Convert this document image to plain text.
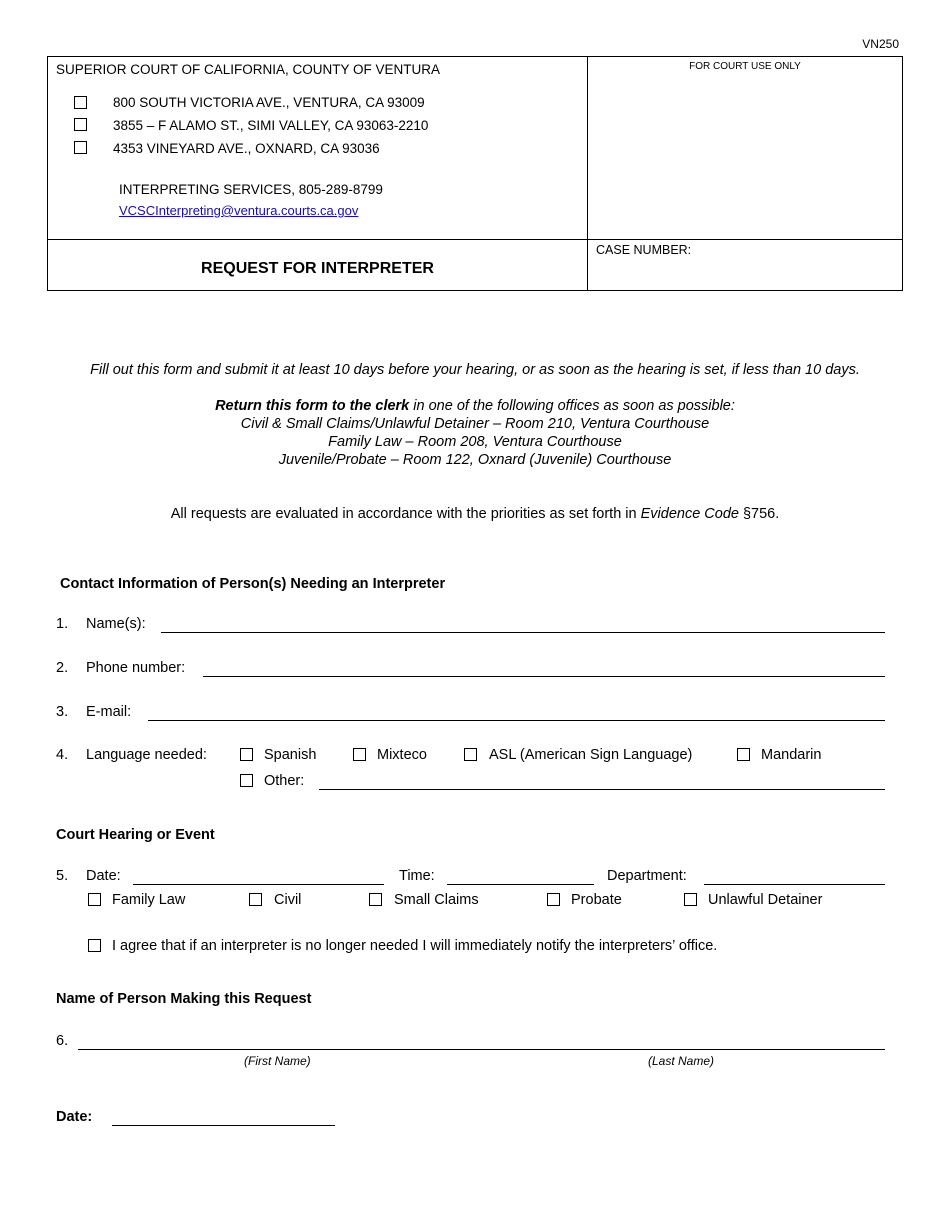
VN250
SUPERIOR COURT OF CALIFORNIA, COUNTY OF VENTURA
800 SOUTH VICTORIA AVE., VENTURA, CA 93009
3855 – F ALAMO ST., SIMI VALLEY, CA 93063-2210
4353 VINEYARD AVE., OXNARD, CA 93036
INTERPRETING SERVICES, 805-289-8799
VCSCInterpreting@ventura.courts.ca.gov
FOR COURT USE ONLY
REQUEST FOR INTERPRETER
CASE NUMBER:
Fill out this form and submit it at least 10 days before your hearing, or as soon as the hearing is set, if less than 10 days.
Return this form to the clerk in one of the following offices as soon as possible:
Civil & Small Claims/Unlawful Detainer – Room 210, Ventura Courthouse
Family Law – Room 208, Ventura Courthouse
Juvenile/Probate – Room 122, Oxnard (Juvenile) Courthouse
All requests are evaluated in accordance with the priorities as set forth in Evidence Code §756.
Contact Information of Person(s) Needing an Interpreter
1. Name(s):
2. Phone number:
3. E-mail:
4. Language needed:	Spanish	Mixteco	ASL (American Sign Language)	Mandarin
Other:
Court Hearing or Event
5. Date:	Time:	Department:
Family Law	Civil	Small Claims	Probate	Unlawful Detainer
I agree that if an interpreter is no longer needed I will immediately notify the interpreters’ office.
Name of Person Making this Request
6.
(First Name)	(Last Name)
Date:
